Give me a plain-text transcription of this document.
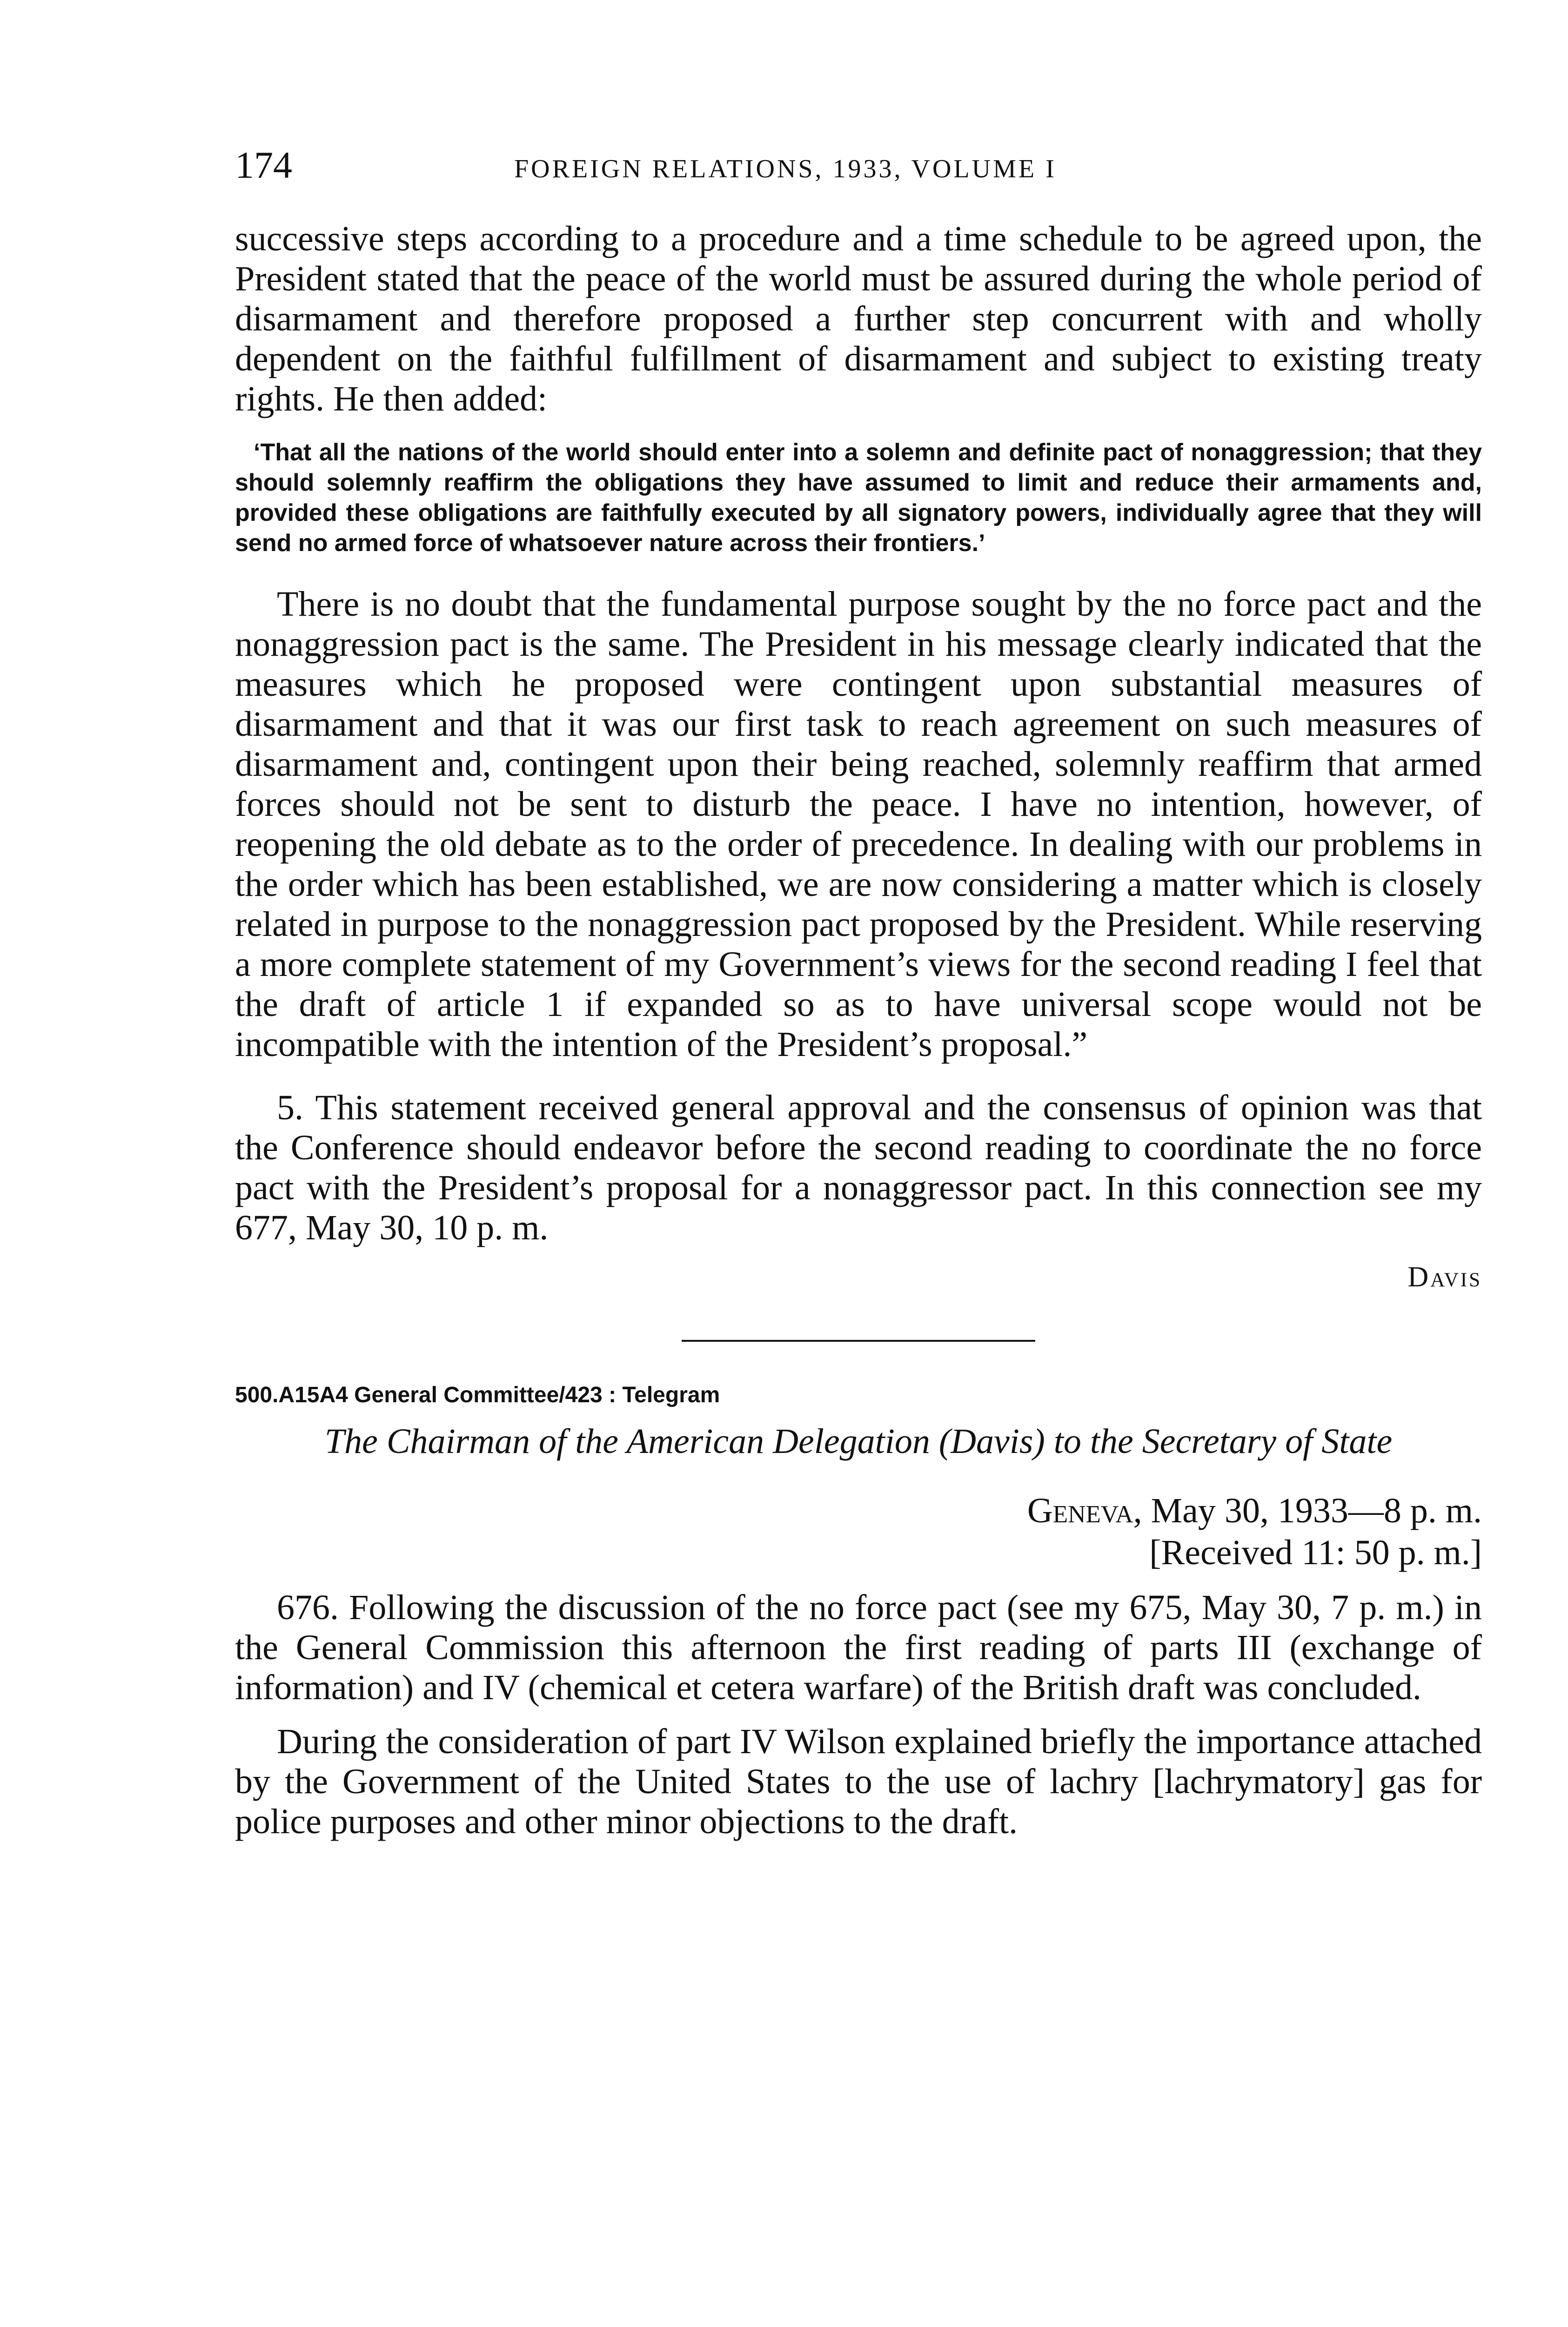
174	FOREIGN RELATIONS, 1933, VOLUME I

successive steps according to a procedure and a time schedule to be agreed upon, the President stated that the peace of the world must be assured during the whole period of disarmament and therefore proposed a further step concurrent with and wholly dependent on the faithful fulfillment of disarmament and subject to existing treaty rights. He then added:

‘That all the nations of the world should enter into a solemn and definite pact of nonaggression; that they should solemnly reaffirm the obligations they have assumed to limit and reduce their armaments and, provided these obligations are faithfully executed by all signatory powers, individually agree that they will send no armed force of whatsoever nature across their frontiers.’

There is no doubt that the fundamental purpose sought by the no force pact and the nonaggression pact is the same. The President in his message clearly indicated that the measures which he proposed were contingent upon substantial measures of disarmament and that it was our first task to reach agreement on such measures of disarmament and, contingent upon their being reached, solemnly reaffirm that armed forces should not be sent to disturb the peace. I have no intention, however, of reopening the old debate as to the order of precedence. In dealing with our problems in the order which has been established, we are now considering a matter which is closely related in purpose to the nonaggression pact proposed by the President. While reserving a more complete statement of my Government’s views for the second reading I feel that the draft of article 1 if expanded so as to have universal scope would not be incompatible with the intention of the President’s proposal.”

5. This statement received general approval and the consensus of opinion was that the Conference should endeavor before the second reading to coordinate the no force pact with the President’s proposal for a nonaggressor pact. In this connection see my 677, May 30, 10 p. m.

Davis

500.A15A4 General Committee/423 : Telegram

The Chairman of the American Delegation (Davis) to the Secretary of State

Geneva, May 30, 1933—8 p. m.

[Received 11: 50 p. m.]

676. Following the discussion of the no force pact (see my 675, May 30, 7 p. m.) in the General Commission this afternoon the first reading of parts III (exchange of information) and IV (chemical et cetera warfare) of the British draft was concluded.

During the consideration of part IV Wilson explained briefly the importance attached by the Government of the United States to the use of lachry [lachrymatory] gas for police purposes and other minor objections to the draft.
